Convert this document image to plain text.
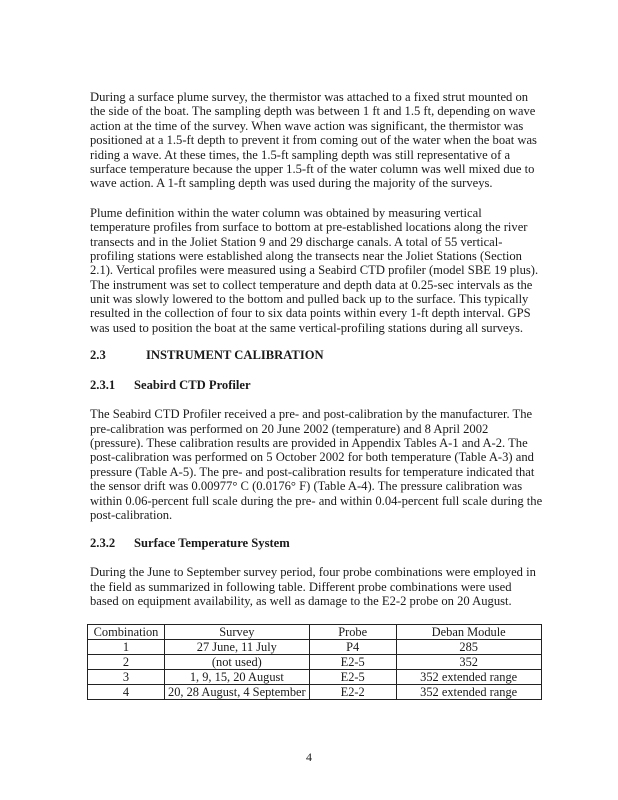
During a surface plume survey, the thermistor was attached to a fixed strut mounted on
the side of the boat. The sampling depth was between 1 ft and 1.5 ft, depending on wave
action at the time of the survey. When wave action was significant, the thermistor was
positioned at a 1.5-ft depth to prevent it from coming out of the water when the boat was
riding a wave. At these times, the 1.5-ft sampling depth was still representative of a
surface temperature because the upper 1.5-ft of the water column was well mixed due to
wave action. A 1-ft sampling depth was used during the majority of the surveys.
Plume definition within the water column was obtained by measuring vertical
temperature profiles from surface to bottom at pre-established locations along the river
transects and in the Joliet Station 9 and 29 discharge canals. A total of 55 vertical-
profiling stations were established along the transects near the Joliet Stations (Section
2.1). Vertical profiles were measured using a Seabird CTD profiler (model SBE 19 plus).
The instrument was set to collect temperature and depth data at 0.25-sec intervals as the
unit was slowly lowered to the bottom and pulled back up to the surface. This typically
resulted in the collection of four to six data points within every 1-ft depth interval. GPS
was used to position the boat at the same vertical-profiling stations during all surveys.
2.3	INSTRUMENT CALIBRATION
2.3.1 Seabird CTD Profiler
The Seabird CTD Profiler received a pre- and post-calibration by the manufacturer. The
pre-calibration was performed on 20 June 2002 (temperature) and 8 April 2002
(pressure). These calibration results are provided in Appendix Tables A-1 and A-2. The
post-calibration was performed on 5 October 2002 for both temperature (Table A-3) and
pressure (Table A-5). The pre- and post-calibration results for temperature indicated that
the sensor drift was 0.00977° C (0.0176° F) (Table A-4). The pressure calibration was
within 0.06-percent full scale during the pre- and within 0.04-percent full scale during the
post-calibration.
2.3.2 Surface Temperature System
During the June to September survey period, four probe combinations were employed in
the field as summarized in following table. Different probe combinations were used
based on equipment availability, as well as damage to the E2-2 probe on 20 August.
Combination	Survey	Probe	Deban Module
1	27 June, 11 July	P4	285
2	(not used)	E2-5	352
3	1, 9, 15, 20 August	E2-5	352 extended range
4	20, 28 August, 4 September	E2-2	352 extended range
4
